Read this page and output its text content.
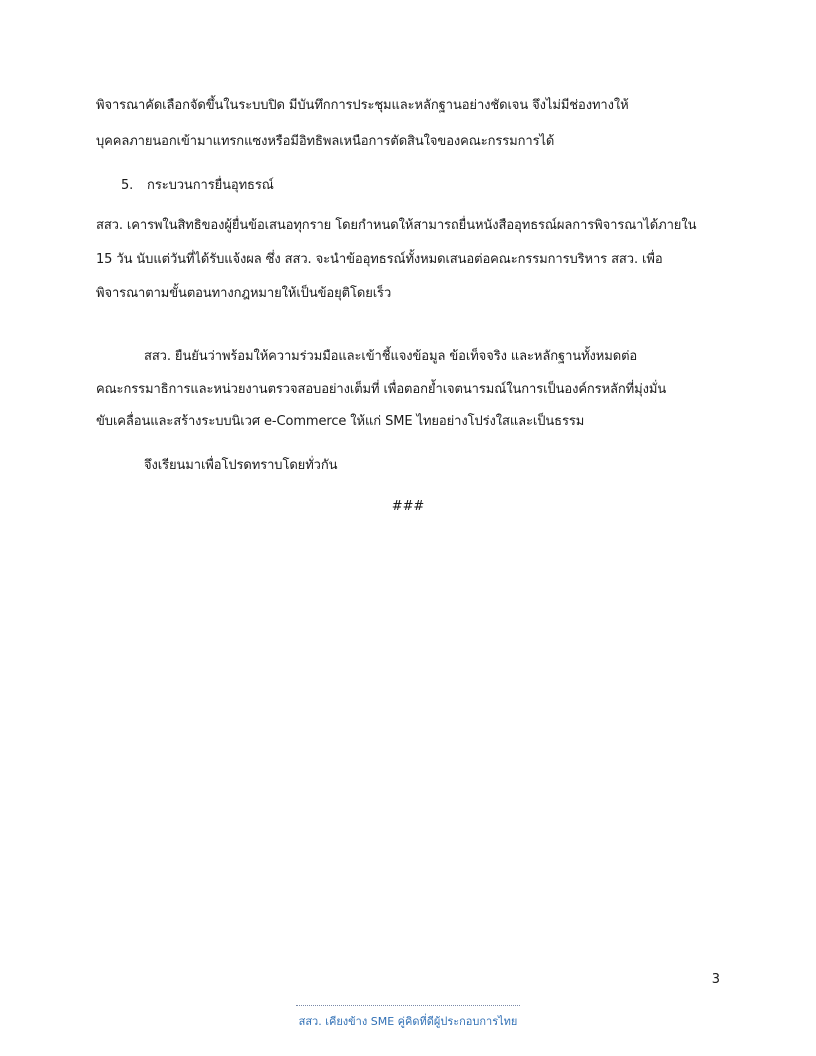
พิจารณาคัดเลือกจัดขึ้นในระบบปิด มีบันทึกการประชุมและหลักฐานอย่างชัดเจน จึงไม่มีช่องทางให้
บุคคลภายนอกเข้ามาแทรกแซงหรือมีอิทธิพลเหนือการตัดสินใจของคณะกรรมการได้
5. กระบวนการยื่นอุทธรณ์
สสว. เคารพในสิทธิของผู้ยื่นข้อเสนอทุกราย โดยกำหนดให้สามารถยื่นหนังสืออุทธรณ์ผลการพิจารณาได้ภายใน
15 วัน นับแต่วันที่ได้รับแจ้งผล ซึ่ง สสว. จะนำข้ออุทธรณ์ทั้งหมดเสนอต่อคณะกรรมการบริหาร สสว. เพื่อ
พิจารณาตามขั้นตอนทางกฎหมายให้เป็นข้อยุติโดยเร็ว
สสว. ยืนยันว่าพร้อมให้ความร่วมมือและเข้าชี้แจงข้อมูล ข้อเท็จจริง และหลักฐานทั้งหมดต่อ
คณะกรรมาธิการและหน่วยงานตรวจสอบอย่างเต็มที่ เพื่อตอกย้ำเจตนารมณ์ในการเป็นองค์กรหลักที่มุ่งมั่น
ขับเคลื่อนและสร้างระบบนิเวศ e-Commerce ให้แก่ SME ไทยอย่างโปร่งใสและเป็นธรรม
จึงเรียนมาเพื่อโปรดทราบโดยทั่วกัน
###
3
สสว. เคียงข้าง SME คู่คิดที่ดีผู้ประกอบการไทย
